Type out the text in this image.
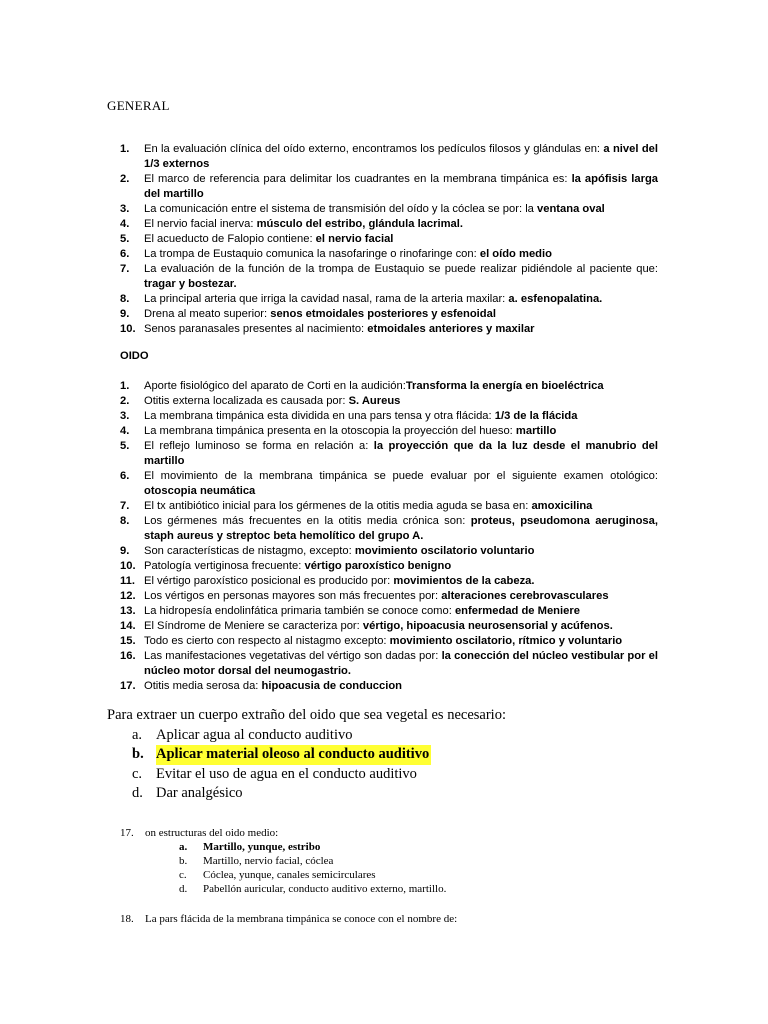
GENERAL
1. En la evaluación clínica del oído externo, encontramos los pedículos filosos y glándulas en: a nivel del 1/3 externos
2. El marco de referencia para delimitar los cuadrantes en la membrana timpánica es: la apófisis larga del martillo
3. La comunicación entre el sistema de transmisión del oído y la cóclea se por: la ventana oval
4. El nervio facial inerva: músculo del estribo, glándula lacrimal.
5. El acueducto de Falopio contiene: el nervio facial
6. La trompa de Eustaquio comunica la nasofaringe o rinofaringe con: el oído medio
7. La evaluación de la función de la trompa de Eustaquio se puede realizar pidiéndole al paciente que: tragar y bostezar.
8. La principal arteria que irriga la cavidad nasal, rama de la arteria maxilar: a. esfenopalatina.
9. Drena al meato superior: senos etmoidales posteriores y esfenoidal
10. Senos paranasales presentes al nacimiento: etmoidales anteriores y maxilar
OIDO
1. Aporte fisiológico del aparato de Corti en la audición:Transforma la energía en bioeléctrica
2. Otitis externa localizada es causada por: S. Aureus
3. La membrana timpánica esta dividida en una pars tensa y otra flácida: 1/3 de la flácida
4. La membrana timpánica presenta en la otoscopia la proyección del hueso: martillo
5. El reflejo luminoso se forma en relación a: la proyección que da la luz desde el manubrio del martillo
6. El movimiento de la membrana timpánica se puede evaluar por el siguiente examen otológico: otoscopia neumática
7. El tx antibiótico inicial para los gérmenes de la otitis media aguda se basa en: amoxicilina
8. Los gérmenes más frecuentes en la otitis media crónica son: proteus, pseudomona aeruginosa, staph aureus y streptoc beta hemolítico del grupo A.
9. Son características de nistagmo, excepto: movimiento oscilatorio voluntario
10. Patología vertiginosa frecuente: vértigo paroxístico benigno
11. El vértigo paroxístico posicional es producido por: movimientos de la cabeza.
12. Los vértigos en personas mayores son más frecuentes por: alteraciones cerebrovasculares
13. La hidropesía endolinfática primaria también se conoce como: enfermedad de Meniere
14. El Síndrome de Meniere se caracteriza por: vértigo, hipoacusia neurosensorial y acúfenos.
15. Todo es cierto con respecto al nistagmo excepto: movimiento oscilatorio, rítmico y voluntario
16. Las manifestaciones vegetativas del vértigo son dadas por: la conección del núcleo vestibular por el núcleo motor dorsal del neumogastrio.
17. Otitis media serosa da: hipoacusia de conduccion
Para extraer un cuerpo extraño del oido que sea vegetal es necesario:
a. Aplicar agua al conducto auditivo
b. Aplicar material oleoso al conducto auditivo
c. Evitar el uso de agua en el conducto auditivo
d. Dar analgésico
17. on estructuras del oido medio:
a. Martillo, yunque, estribo
b. Martillo, nervio facial, cóclea
c. Cóclea, yunque, canales semicirculares
d. Pabellón auricular, conducto auditivo externo, martillo.
18. La pars flácida de la membrana timpánica se conoce con el nombre de:
